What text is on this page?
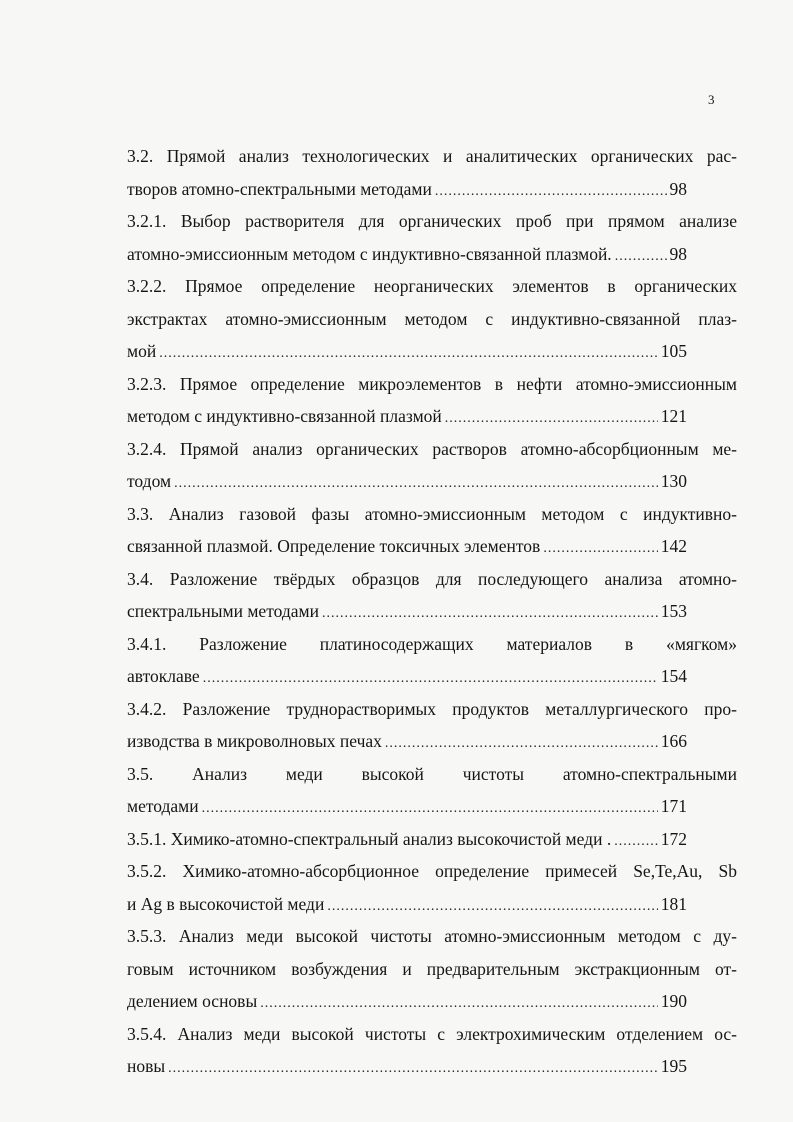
3
3.2. Прямой анализ технологических и аналитических органических рас-
творов атомно-спектральными методами .....	98
3.2.1. Выбор растворителя для органических проб при прямом анализе
атомно-эмиссионным методом с индуктивно-связанной плазмой. .....	98
3.2.2. Прямое определение неорганических элементов в органических
экстрактах атомно-эмиссионным методом с индуктивно-связанной плаз-
мой .....	105
3.2.3. Прямое определение микроэлементов в нефти атомно-эмиссионным
методом с индуктивно-связанной плазмой .....	121
3.2.4. Прямой анализ органических растворов атомно-абсорбционным ме-
тодом .....	130
3.3. Анализ газовой фазы атомно-эмиссионным методом с индуктивно-
связанной плазмой. Определение токсичных элементов .....	142
3.4. Разложение твёрдых образцов для последующего анализа атомно-
спектральными методами .....	153
3.4.1. Разложение платиносодержащих материалов в «мягком»
автоклаве .....	154
3.4.2. Разложение труднорастворимых продуктов металлургического про-
изводства в микроволновых печах .....	166
3.5. Анализ меди высокой чистоты атомно-спектральными
методами .....	171
3.5.1. Химико-атомно-спектральный анализ высокочистой меди . .....	172
3.5.2. Химико-атомно-абсорбционное определение примесей Se,Te,Au, Sb
и Ag в высокочистой меди .....	181
3.5.3. Анализ меди высокой чистоты атомно-эмиссионным методом с ду-
говым источником возбуждения и предварительным экстракционным от-
делением основы .....	190
3.5.4. Анализ меди высокой чистоты с электрохимическим отделением ос-
новы .....	195
